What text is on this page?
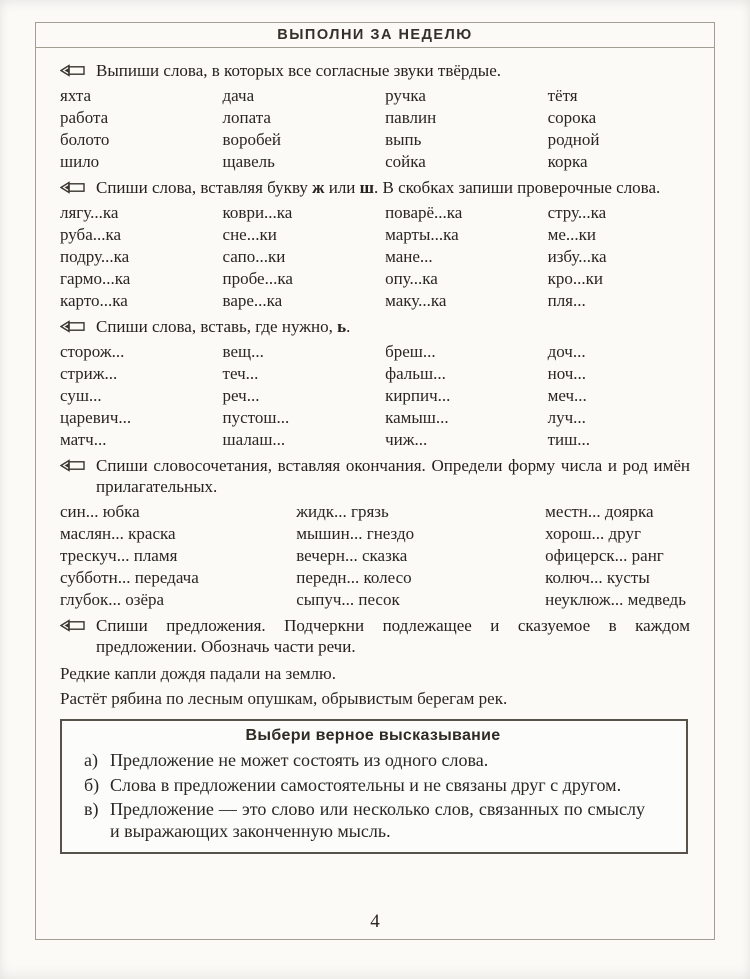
ВЫПОЛНИ ЗА НЕДЕЛЮ

Выпиши слова, в которых все согласные звуки твёрдые.

яхта
работа
болото
шило
дача
лопата
воробей
щавель
ручка
павлин
выпь
сойка
тётя
сорока
родной
корка

Спиши слова, вставляя букву ж или ш. В скобках запиши проверочные слова.

лягу...ка
руба...ка
подру...ка
гармо...ка
карто...ка
коври...ка
сне...ки
сапо...ки
пробе...ка
варе...ка
поварё...ка
марты...ка
мане...
опу...ка
маку...ка
стру...ка
ме...ки
избу...ка
кро...ки
пля...

Спиши слова, вставь, где нужно, ь.

сторож...
стриж...
суш...
царевич...
матч...
вещ...
теч...
реч...
пустош...
шалаш...
бреш...
фальш...
кирпич...
камыш...
чиж...
доч...
ноч...
меч...
луч...
тиш...

Спиши словосочетания, вставляя окончания. Определи форму числа и род имён прилагательных.

син... юбка
маслян... краска
трескуч... пламя
субботн... передача
глубок... озёра
жидк... грязь
мышин... гнездо
вечерн... сказка
передн... колесо
сыпуч... песок
местн... доярка
хорош... друг
офицерск... ранг
колюч... кусты
неуклюж... медведь

Спиши предложения. Подчеркни подлежащее и сказуемое в каждом предложении. Обозначь части речи.

Редкие капли дождя падали на землю.
Растёт рябина по лесным опушкам, обрывистым берегам рек.
Выбери верное высказывание
а) Предложение не может состоять из одного слова.
б) Слова в предложении самостоятельны и не связаны друг с другом.
в) Предложение — это слово или несколько слов, связанных по смыслу и выражающих законченную мысль.
4
